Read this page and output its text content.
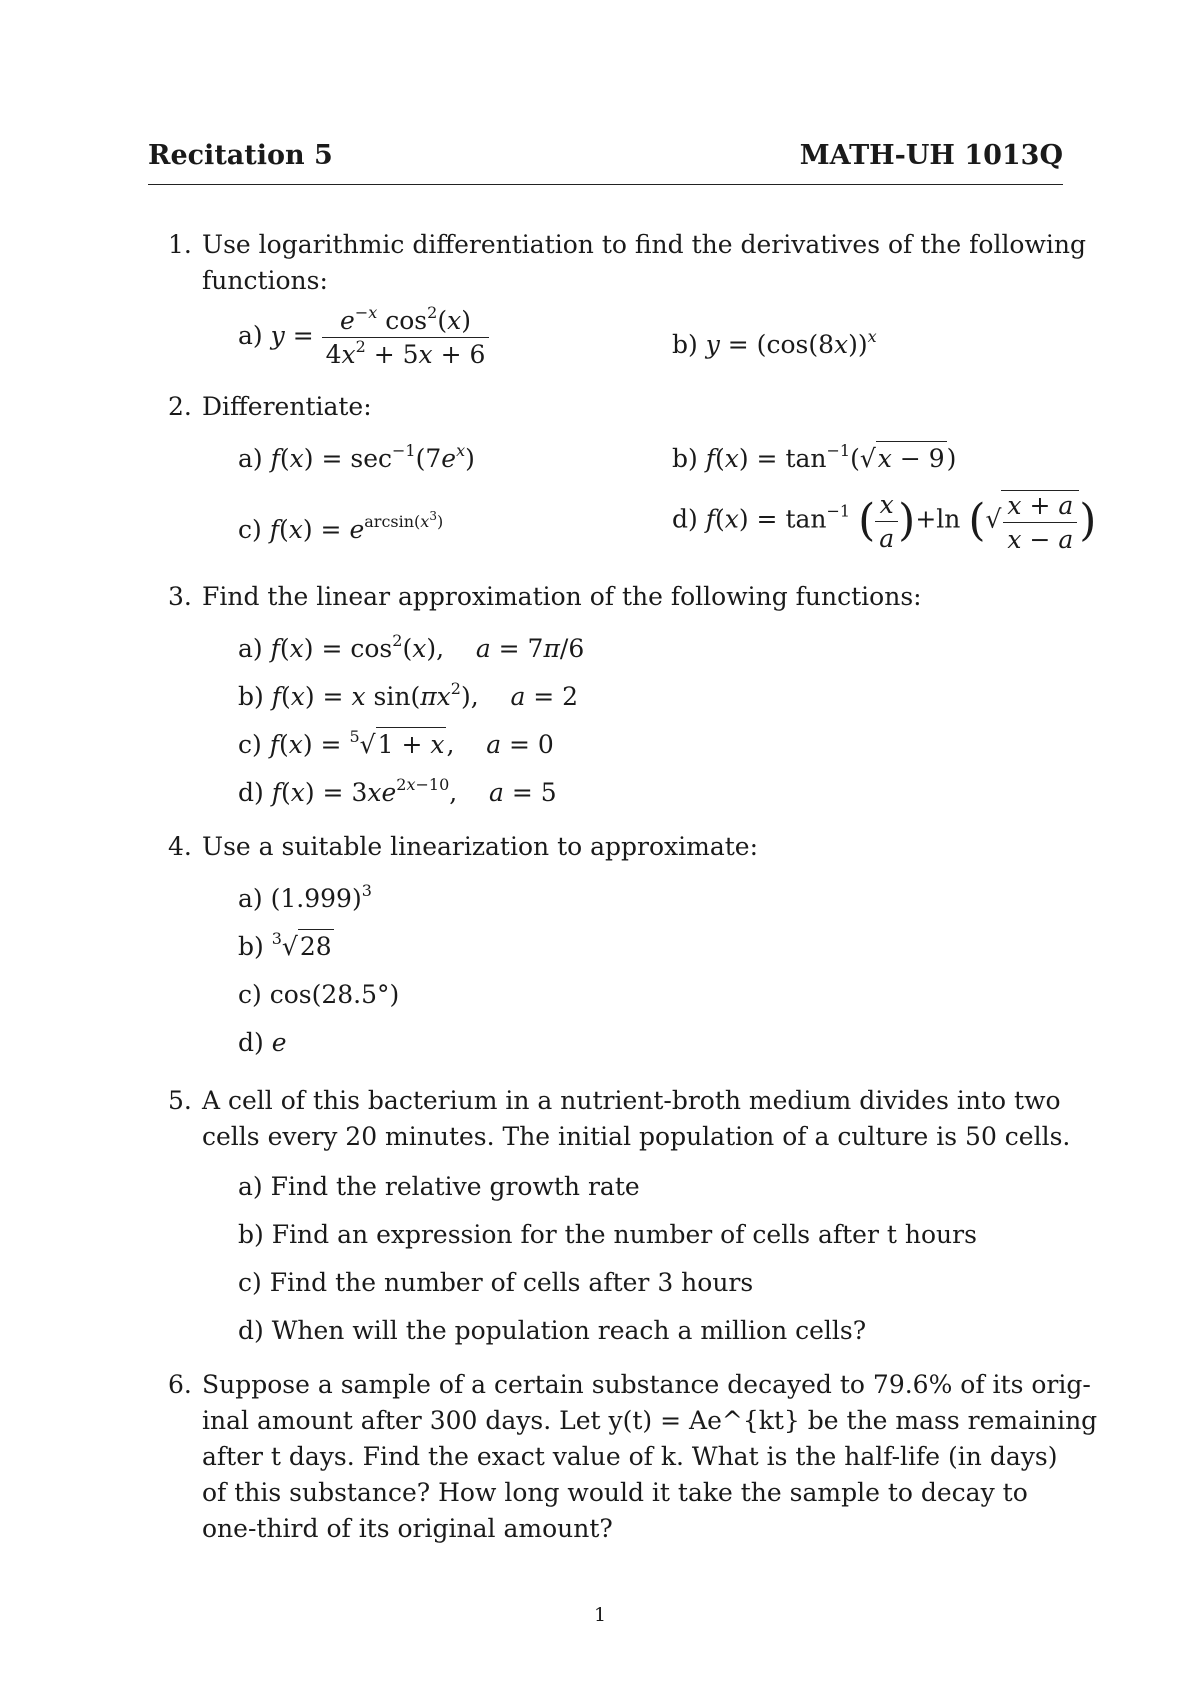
Recitation 5	MATH-UH 1013Q
1. Use logarithmic differentiation to find the derivatives of the following
functions:
a) $y = \frac{e^{-x} \cos^2(x)}{4x^2 + 5x + 6}$	b) $y = (\cos(8x))^x$
2. Differentiate:
a) $f(x) = \sec^{-1}(7e^x)$	b) $f(x) = \tan^{-1}(√x - 9)$
c) $f(x) = e^{arcsin(x^3)}$	d) $f(x) = \tan^{-1}$ ( $\frac{x}{a} )+\ln$ (√ $\frac{x + a}{x - a}$ )
3. Find the linear approximation of the following functions:
a) $f(x) = \cos^2(x)$,    a = 7π/6
b) f(x) = x $\sin(\pi x^2)$,    a = 2
c) f(x) = $^5$√1 + x,    a = 0
d) $f(x) = 3xe^{2x-10}$,    a = 5
4. Use a suitable linearization to approximate:
a) $(1.999)^3$
b) $^3$√28
c) cos(28.5°)
d) e
5. A cell of this bacterium in a nutrient-broth medium divides into two
cells every 20 minutes. The initial population of a culture is 50 cells.
a) Find the relative growth rate
b) Find an expression for the number of cells after t hours
c) Find the number of cells after 3 hours
d) When will the population reach a million cells?
6. Suppose a sample of a certain substance decayed to 79.6% of its orig-
inal amount after 300 days. Let y(t) = Ae^{kt} be the mass remaining
after t days. Find the exact value of k. What is the half-life (in days)
of this substance? How long would it take the sample to decay to
one-third of its original amount?
1
